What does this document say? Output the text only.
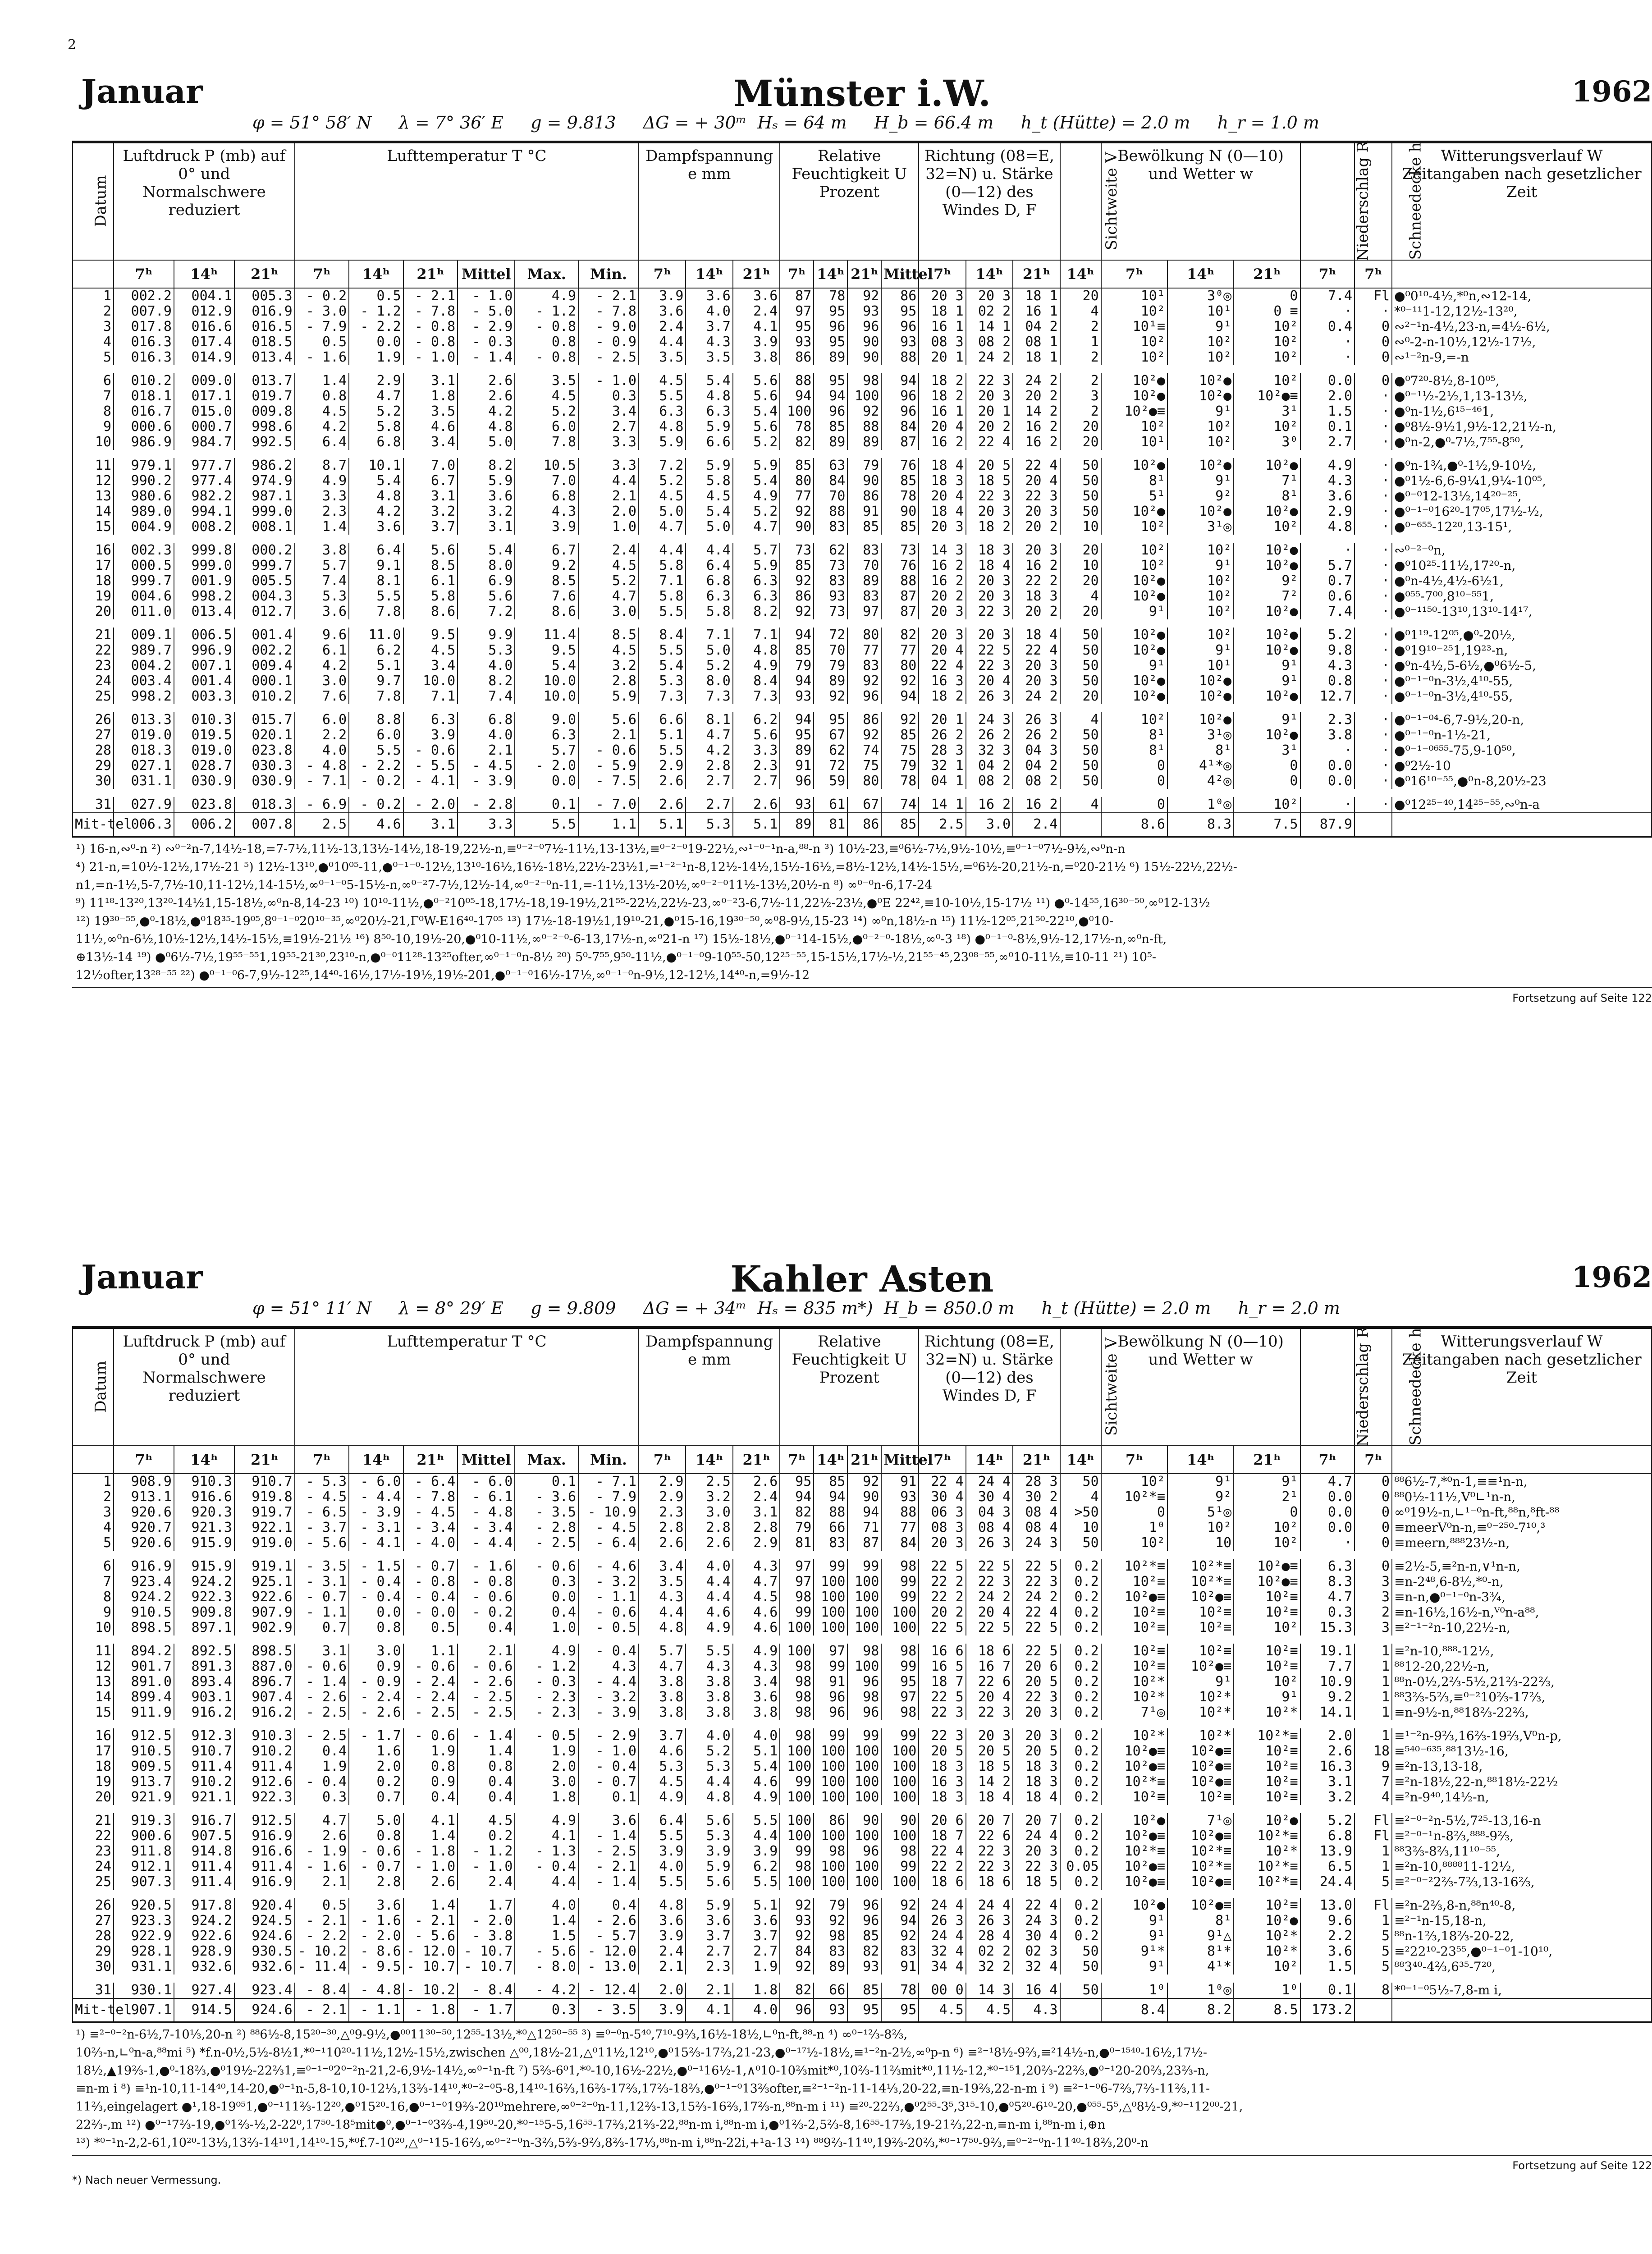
2
Januar	Münster i.W.	1962
φ = 51° 58′ N     λ = 7° 36′ E     g = 9.813     ΔG = + 30ᵐ  Hₛ = 64 m     H_b = 66.4 m     h_t (Hütte) = 2.0 m     h_r = 1.0 m
Datum	Luftdruck P (mb) auf 0° und Normalschwere reduziert			Lufttemperatur T °C						Dampfspannung e mm			Relative Feuchtigkeit U Prozent				Richtung (08=E, 32=N) u. Stärke (0—12) des Windes D, F			Sichtweite V	Bewölkung N (0—10) und Wetter w			Niederschlag R	Schneedecke h	Witterungsverlauf W Zeitangaben nach gesetzlicher Zeit
	7ʰ	14ʰ	21ʰ	7ʰ	14ʰ	21ʰ	Mittel	Max.	Min.	7ʰ	14ʰ	21ʰ	7ʰ	14ʰ	21ʰ	Mittel	7ʰ	14ʰ	21ʰ	14ʰ	7ʰ	14ʰ	21ʰ	7ʰ	7ʰ	
1	002.2	004.1	005.3	- 0.2	0.5	- 2.1	- 1.0	4.9	- 2.1	3.9	3.6	3.6	87	78	92	86	20 3	20 3	18 1	20	10¹	3⁰◎	0	7.4	Fl	●⁰0¹⁰-4½,*⁰n,∾12-14,
2	007.9	012.9	016.9	- 3.0	- 1.2	- 7.8	- 5.0	- 1.2	- 7.8	3.6	4.0	2.4	97	95	93	95	18 1	02 2	16 1	4	10²	10¹	0 ≡	·	·	*⁰⁻¹¹1-12,12½-13²⁰,
3	017.8	016.6	016.5	- 7.9	- 2.2	- 0.8	- 2.9	- 0.8	- 9.0	2.4	3.7	4.1	95	96	96	96	16 1	14 1	04 2	2	10¹≡	9¹	10²	0.4	0	∾²⁻¹n-4½,23-n,=4½-6½,
4	016.3	017.4	018.5	0.5	0.0	- 0.8	- 0.3	0.8	- 0.9	4.4	4.3	3.9	93	95	90	93	08 3	08 2	08 1	1	10²	10²	10²	·	0	∾⁰-2-n-10½,12½-17½,
5	016.3	014.9	013.4	- 1.6	1.9	- 1.0	- 1.4	- 0.8	- 2.5	3.5	3.5	3.8	86	89	90	88	20 1	24 2	18 1	2	10²	10²	10²	·	0	∾¹⁻²n-9,=-n

6	010.2	009.0	013.7	1.4	2.9	3.1	2.6	3.5	- 1.0	4.5	5.4	5.6	88	95	98	94	18 2	22 3	24 2	2	10²●	10²●	10²	0.0	0	●⁰7²⁰-8½,8-10⁰⁵,
7	018.1	017.1	019.7	0.8	4.7	1.8	2.6	4.5	0.3	5.5	4.8	5.6	94	94	100	96	18 2	20 3	20 2	3	10²●	10²●	10²●≡	2.0	·	●⁰⁻¹½-2½,1,13-13½,
8	016.7	015.0	009.8	4.5	5.2	3.5	4.2	5.2	3.4	6.3	6.3	5.4	100	96	92	96	16 1	20 1	14 2	2	10²●≡	9¹	3¹	1.5	·	●⁰n-1½,6¹⁵⁻⁴⁶1,
9	000.6	000.7	998.6	4.2	5.8	4.6	4.8	6.0	2.7	4.8	5.9	5.6	78	85	88	84	20 4	20 2	16 2	20	10²	10²	10²	0.1	·	●⁰8½-9½1,9½-12,21½-n,
10	986.9	984.7	992.5	6.4	6.8	3.4	5.0	7.8	3.3	5.9	6.6	5.2	82	89	89	87	16 2	22 4	16 2	20	10¹	10²	3⁰	2.7	·	●⁰n-2,●⁰-7½,7⁵⁵-8⁵⁰,

11	979.1	977.7	986.2	8.7	10.1	7.0	8.2	10.5	3.3	7.2	5.9	5.9	85	63	79	76	18 4	20 5	22 4	50	10²●	10²●	10²●	4.9	·	●⁰n-1¾,●⁰-1½,9-10½,
12	990.2	977.4	974.9	4.9	5.4	6.7	5.9	7.0	4.4	5.2	5.8	5.4	80	84	90	85	18 3	18 5	20 4	50	8¹	9¹	7¹	4.3	·	●⁰1½-6,6-9¼1,9¼-10⁰⁵,
13	980.6	982.2	987.1	3.3	4.8	3.1	3.6	6.8	2.1	4.5	4.5	4.9	77	70	86	78	20 4	22 3	22 3	50	5¹	9²	8¹	3.6	·	●⁰⁻⁰12-13½,14²⁰⁻²⁵,
14	989.0	994.1	999.0	2.3	4.2	3.2	3.2	4.3	2.0	5.0	5.4	5.2	92	88	91	90	18 4	20 3	20 3	50	10²●	10²●	10²●	2.9	·	●⁰⁻¹⁻⁰16²⁰-17⁰⁵,17½-½,
15	004.9	008.2	008.1	1.4	3.6	3.7	3.1	3.9	1.0	4.7	5.0	4.7	90	83	85	85	20 3	18 2	20 2	10	10²	3¹◎	10²	4.8	·	●⁰⁻⁶⁵⁵-12²⁰,13-15¹,

16	002.3	999.8	000.2	3.8	6.4	5.6	5.4	6.7	2.4	4.4	4.4	5.7	73	62	83	73	14 3	18 3	20 3	20	10²	10²	10²●	·	·	∾⁰⁻²⁻⁰n,
17	000.5	999.0	999.7	5.7	9.1	8.5	8.0	9.2	4.5	5.8	6.4	5.9	85	73	70	76	16 2	18 4	16 2	10	10²	9¹	10²●	5.7	·	●⁰10²⁵-11½,17²⁰-n,
18	999.7	001.9	005.5	7.4	8.1	6.1	6.9	8.5	5.2	7.1	6.8	6.3	92	83	89	88	16 2	20 3	22 2	20	10²●	10²	9²	0.7	·	●⁰n-4½,4½-6½1,
19	004.6	998.2	004.3	5.3	5.5	5.8	5.6	7.6	4.7	5.8	6.3	6.3	86	93	83	87	20 2	20 3	18 3	4	10²●	10²	7²	0.6	·	●⁰⁵⁵-7⁰⁰,8¹⁰⁻⁵⁵1,
20	011.0	013.4	012.7	3.6	7.8	8.6	7.2	8.6	3.0	5.5	5.8	8.2	92	73	97	87	20 3	22 3	20 2	20	9¹	10²	10²●	7.4	·	●⁰⁻¹¹⁵⁰-13¹⁰,13¹⁰-14¹⁷,

21	009.1	006.5	001.4	9.6	11.0	9.5	9.9	11.4	8.5	8.4	7.1	7.1	94	72	80	82	20 3	20 3	18 4	50	10²●	10²	10²●	5.2	·	●⁰1¹⁹-12⁰⁵,●⁰-20½,
22	989.7	996.9	002.2	6.1	6.2	4.5	5.3	9.5	4.5	5.5	5.0	4.8	85	70	77	77	20 4	22 5	22 4	50	10²●	9¹	10²●	9.8	·	●⁰19¹⁰⁻²⁵1,19²³-n,
23	004.2	007.1	009.4	4.2	5.1	3.4	4.0	5.4	3.2	5.4	5.2	4.9	79	79	83	80	22 4	22 3	20 3	50	9¹	10¹	9¹	4.3	·	●⁰n-4½,5-6½,●⁰6½-5,
24	003.4	001.4	000.1	3.0	9.7	10.0	8.2	10.0	2.8	5.3	8.0	8.4	94	89	92	92	16 3	20 4	20 3	50	10²●	10²●	9¹	0.8	·	●⁰⁻¹⁻⁰n-3½,4¹⁰-55,
25	998.2	003.3	010.2	7.6	7.8	7.1	7.4	10.0	5.9	7.3	7.3	7.3	93	92	96	94	18 2	26 3	24 2	20	10²●	10²●	10²●	12.7	·	●⁰⁻¹⁻⁰n-3½,4¹⁰-55,

26	013.3	010.3	015.7	6.0	8.8	6.3	6.8	9.0	5.6	6.6	8.1	6.2	94	95	86	92	20 1	24 3	26 3	4	10²	10²●	9¹	2.3	·	●⁰⁻¹⁻⁰⁴-6,7-9½,20-n,
27	019.0	019.5	020.1	2.2	6.0	3.9	4.0	6.3	2.1	5.1	4.7	5.6	95	67	92	85	26 2	26 2	26 2	50	8¹	3¹◎	10²●	3.8	·	●⁰⁻¹⁻⁰n-1½-21,
28	018.3	019.0	023.8	4.0	5.5	- 0.6	2.1	5.7	- 0.6	5.5	4.2	3.3	89	62	74	75	28 3	32 3	04 3	50	8¹	8¹	3¹	·	·	●⁰⁻¹⁻⁰⁶⁵⁵-75,9-10⁵⁰,
29	027.1	028.7	030.3	- 4.8	- 2.2	- 5.5	- 4.5	- 2.0	- 5.9	2.9	2.8	2.3	91	72	75	79	32 1	04 2	04 2	50	0	4¹*◎	0	0.0	·	●⁰2½-10
30	031.1	030.9	030.9	- 7.1	- 0.2	- 4.1	- 3.9	0.0	- 7.5	2.6	2.7	2.7	96	59	80	78	04 1	08 2	08 2	50	0	4²◎	0	0.0	·	●⁰16¹⁰⁻⁵⁵,●⁰n-8,20½-23

31	027.9	023.8	018.3	- 6.9	- 0.2	- 2.0	- 2.8	0.1	- 7.0	2.6	2.7	2.6	93	61	67	74	14 1	16 2	16 2	4	0	1⁰◎	10²	·	·	●⁰12²⁵⁻⁴⁰,14²⁵⁻⁵⁵,∾⁰n-a
Mit-tel	006.3	006.2	007.8	2.5	4.6	3.1	3.3	5.5	1.1	5.1	5.3	5.1	89	81	86	85	2.5	3.0	2.4		8.6	8.3	7.5	87.9		
¹) 16-n,∾⁰-n ²) ∾⁰⁻²n-7,14½-18,=7-7½,11½-13,13½-14½,18-19,22½-n,≡⁰⁻²⁻⁰7½-11½,13-13½,≡⁰⁻²⁻⁰19-22½,∾¹⁻⁰⁻¹n-a,⁸⁸-n ³) 10½-23,≡⁰6½-7½,9½-10½,≡⁰⁻¹⁻⁰7½-9½,∾⁰n-n
⁴) 21-n,=10½-12½,17½-21 ⁵) 12½-13¹⁰,●⁰10⁰⁵-11,●⁰⁻¹⁻⁰-12½,13¹⁰-16½,16½-18½,22½-23½1,=¹⁻²⁻¹n-8,12½-14½,15½-16½,=8½-12½,14½-15½,=⁰6½-20,21½-n,=⁰20-21½ ⁶) 15½-22½,22½-
n1,=n-1½,5-7,7½-10,11-12½,14-15½,∞⁰⁻¹⁻⁰5-15½-n,∞⁰⁻²7-7½,12½-14,∞⁰⁻²⁻⁰n-11,=-11½,13½-20½,∞⁰⁻²⁻⁰11½-13½,20½-n ⁸) ∞⁰⁻⁰n-6,17-24
⁹) 11¹⁸-13²⁰,13²⁰-14½1,15-18½,∞⁰n-8,14-23 ¹⁰) 10¹⁰-11½,●⁰⁻²10⁰⁵-18,17½-18,19-19½,21⁵⁵-22½,22½-23,∞⁰⁻²3-6,7½-11,22½-23½,●⁰E 22⁴²,≡10-10½,15-17½ ¹¹) ●⁰-14⁵⁵,16³⁰⁻⁵⁰,∞⁰12-13½
¹²) 19³⁰⁻⁵⁵,●⁰-18½,●⁰18³⁵-19⁰⁵,8⁰⁻¹⁻⁰20¹⁰⁻³⁵,∞⁰20½-21,Γ⁰W-E16⁴⁰-17⁰⁵ ¹³) 17½-18-19½1,19¹⁰-21,●⁰15-16,19³⁰⁻⁵⁰,∞⁰8-9½,15-23 ¹⁴) ∞⁰n,18½-n ¹⁵) 11½-12⁰⁵,21⁵⁰-22¹⁰,●⁰10-
11½,∞⁰n-6½,10½-12½,14½-15½,≡19½-21½ ¹⁶) 8⁵⁰-10,19½-20,●⁰10-11½,∞⁰⁻²⁻⁰-6-13,17½-n,∞⁰21-n ¹⁷) 15½-18½,●⁰⁻¹14-15½,●⁰⁻²⁻⁰-18½,∞⁰-3 ¹⁸) ●⁰⁻¹⁻⁰-8½,9½-12,17½-n,∞⁰n-ft,
⊕13½-14 ¹⁹) ●⁰6½-7½,19⁵⁵⁻⁵⁵1,19⁵⁵-21³⁰,23¹⁰-n,●⁰⁻⁰11²⁸-13²⁵ofter,∞⁰⁻¹⁻⁰n-8½ ²⁰) 5⁰-7⁵⁵,9⁵⁰-11½,●⁰⁻¹⁻⁰9-10⁵⁵-50,12²⁵⁻⁵⁵,15-15½,17½-½,21⁵⁵⁻⁴⁵,23⁰⁸⁻⁵⁵,∞⁰10-11½,≡10-11 ²¹) 10⁵-
12½ofter,13²⁸⁻⁵⁵ ²²) ●⁰⁻¹⁻⁰6-7,9½-12²⁵,14⁴⁰-16½,17½-19½,19½-201,●⁰⁻¹⁻⁰16½-17½,∞⁰⁻¹⁻⁰n-9½,12-12½,14⁴⁰-n,=9½-12
Fortsetzung auf Seite 122
Januar	Kahler Asten	1962
φ = 51° 11′ N     λ = 8° 29′ E     g = 9.809     ΔG = + 34ᵐ  Hₛ = 835 m*)  H_b = 850.0 m     h_t (Hütte) = 2.0 m     h_r = 2.0 m
Datum	Luftdruck P (mb) auf 0° und Normalschwere reduziert			Lufttemperatur T °C						Dampfspannung e mm			Relative Feuchtigkeit U Prozent				Richtung (08=E, 32=N) u. Stärke (0—12) des Windes D, F			Sichtweite V	Bewölkung N (0—10) und Wetter w			Niederschlag R	Schneedecke h	Witterungsverlauf W Zeitangaben nach gesetzlicher Zeit
	7ʰ	14ʰ	21ʰ	7ʰ	14ʰ	21ʰ	Mittel	Max.	Min.	7ʰ	14ʰ	21ʰ	7ʰ	14ʰ	21ʰ	Mittel	7ʰ	14ʰ	21ʰ	14ʰ	7ʰ	14ʰ	21ʰ	7ʰ	7ʰ	
1	908.9	910.3	910.7	- 5.3	- 6.0	- 6.4	- 6.0	0.1	- 7.1	2.9	2.5	2.6	95	85	92	91	22 4	24 4	28 3	50	10²	9¹	9¹	4.7	0	⁸⁸6½-7,*⁰n-1,≡≡¹n-n,
2	913.1	916.6	919.8	- 4.5	- 4.4	- 7.8	- 6.1	- 3.6	- 7.9	2.9	3.2	2.4	94	94	90	93	30 4	30 4	30 2	4	10²*≡	9²	2¹	0.0	0	⁸⁸0½-11½,V⁰∟¹n-n,
3	920.6	920.3	919.7	- 6.5	- 3.9	- 4.5	- 4.8	- 3.5	- 10.9	2.3	3.0	3.1	82	88	94	88	06 3	04 3	08 4	>50	0	5¹◎	0	0.0	0	∞⁰19½-n,∟¹⁻⁰n-ft,⁸⁸n,⁸ft-⁸⁸
4	920.7	921.3	922.1	- 3.7	- 3.1	- 3.4	- 3.4	- 2.8	- 4.5	2.8	2.8	2.8	79	66	71	77	08 3	08 4	08 4	10	1⁰	10²	10²	0.0	0	≡meerV⁰n-n,≡⁰⁻²⁵⁰-7¹⁰,³
5	920.6	915.9	919.0	- 5.6	- 4.1	- 4.0	- 4.4	- 2.5	- 6.4	2.6	2.6	2.9	81	83	87	84	20 3	26 3	24 3	50	10²	10	10²	·	0	≡meern,⁸⁸⁸23½-n,

6	916.9	915.9	919.1	- 3.5	- 1.5	- 0.7	- 1.6	- 0.6	- 4.6	3.4	4.0	4.3	97	99	99	98	22 5	22 5	22 5	0.2	10²*≡	10²*≡	10²●≡	6.3	0	≡2½-5,≡²n-n,∨¹n-n,
7	923.4	924.2	925.1	- 3.1	- 0.4	- 0.8	- 0.8	0.3	- 3.2	3.5	4.4	4.7	97	100	100	99	22 2	22 3	22 3	0.2	10²≡	10²*≡	10²●≡	8.3	3	≡n-2⁴⁸,6-8½,*⁰-n,
8	924.2	922.3	922.6	- 0.7	- 0.4	- 0.4	- 0.6	0.0	- 1.1	4.3	4.4	4.5	98	100	100	99	22 2	24 2	24 2	0.2	10²●≡	10²●≡	10²≡	4.7	3	≡n-n,●⁰⁻¹⁻⁰n-3¾,
9	910.5	909.8	907.9	- 1.1	0.0	- 0.0	- 0.2	0.4	- 0.6	4.4	4.6	4.6	99	100	100	100	20 2	20 4	22 4	0.2	10²≡	10²≡	10²≡	0.3	2	≡n-16½,16½-n,ⱽ⁰n-a⁸⁸,
10	898.5	897.1	902.9	0.7	0.8	0.5	0.4	1.0	- 0.5	4.8	4.9	4.6	100	100	100	100	22 5	22 5	22 5	0.2	10²≡	10²≡	10²	15.3	3	≡²⁻¹⁻²n-10,22½-n,

11	894.2	892.5	898.5	3.1	3.0	1.1	2.1	4.9	- 0.4	5.7	5.5	4.9	100	97	98	98	16 6	18 6	22 5	0.2	10²≡	10²≡	10²≡	19.1	1	≡²n-10,⁸⁸⁸-12½,
12	901.7	891.3	887.0	- 0.6	0.9	- 0.6	- 0.6	- 1.2	4.3	4.7	4.3	4.3	98	99	100	99	16 5	16 7	20 6	0.2	10²≡	10²●≡	10²≡	7.7	1	⁸⁸12-20,22½-n,
13	891.0	893.4	896.7	- 1.4	- 0.9	- 2.4	- 2.6	- 0.3	- 4.4	3.8	3.8	3.4	98	91	96	95	18 7	22 6	20 5	0.2	10²*	9¹	10²	10.9	1	⁸⁸n-0½,2⅔-5½,21⅔-22⅔,
14	899.4	903.1	907.4	- 2.6	- 2.4	- 2.4	- 2.5	- 2.3	- 3.2	3.8	3.8	3.6	98	96	98	97	22 5	20 4	22 3	0.2	10²*	10²*	9¹	9.2	1	⁸⁸3⅔-5⅔,≡⁰⁻²10⅔-17⅔,
15	911.9	916.2	916.2	- 2.5	- 2.6	- 2.5	- 2.5	- 2.3	- 3.9	3.8	3.8	3.8	98	96	96	98	22 3	22 3	20 3	0.2	7¹◎	10²*	10²*	14.1	1	≡n-9½-n,⁸⁸18⅔-22⅔,

16	912.5	912.3	910.3	- 2.5	- 1.7	- 0.6	- 1.4	- 0.5	- 2.9	3.7	4.0	4.0	98	99	99	99	22 3	20 3	20 3	0.2	10²*	10²*	10²*≡	2.0	1	≡¹⁻²n-9⅔,16⅔-19⅔,V⁰n-p,
17	910.5	910.7	910.2	0.4	1.6	1.9	1.4	1.9	- 1.0	4.6	5.2	5.1	100	100	100	100	20 5	20 5	20 5	0.2	10²●≡	10²●≡	10²≡	2.6	18	≡⁵⁴⁰⁻⁶³⁵,⁸⁸13½-16,
18	909.5	911.4	911.4	1.9	2.0	0.8	0.8	2.0	- 0.4	5.3	5.3	5.4	100	100	100	100	18 3	18 5	18 3	0.2	10²●≡	10²●≡	10²≡	16.3	9	≡²n-13,13-18,
19	913.7	910.2	912.6	- 0.4	0.2	0.9	0.4	3.0	- 0.7	4.5	4.4	4.6	99	100	100	100	16 3	14 2	18 3	0.2	10²*≡	10²●≡	10²≡	3.1	7	≡²n-18½,22-n,⁸⁸18½-22½
20	921.9	921.1	922.3	0.3	0.7	0.4	0.4	1.8	0.1	4.9	4.8	4.9	100	100	100	100	18 3	18 4	18 4	0.2	10²≡	10²≡	10²≡	3.2	4	≡²n-9⁴⁰,14½-n,

21	919.3	916.7	912.5	4.7	5.0	4.1	4.5	4.9	3.6	6.4	5.6	5.5	100	86	90	90	20 6	20 7	20 7	0.2	10²●	7¹◎	10²●	5.2	Fl	≡²⁻⁰⁻²n-5½,7²⁵-13,16-n
22	900.6	907.5	916.9	2.6	0.8	1.4	0.2	4.1	- 1.4	5.5	5.3	4.4	100	100	100	100	18 7	22 6	24 4	0.2	10²●≡	10²●≡	10²*≡	6.8	Fl	≡²⁻⁰⁻¹n-8⅔,⁸⁸⁸-9⅔,
23	911.8	914.8	916.6	- 1.9	- 0.6	- 1.8	- 1.2	- 1.3	- 2.5	3.9	3.9	3.9	99	98	96	98	22 4	22 3	20 3	0.2	10²*≡	10²*≡	10²*	13.9	1	⁸⁸3⅔-8⅔,11¹⁰⁻⁵⁵,
24	912.1	911.4	911.4	- 1.6	- 0.7	- 1.0	- 1.0	- 0.4	- 2.1	4.0	5.9	6.2	98	100	100	99	22 2	22 3	22 3	0.05	10²●≡	10²*≡	10²*≡	6.5	1	≡²n-10,⁸⁸⁸⁸11-12½,
25	907.3	911.4	916.9	2.1	2.8	2.6	2.4	4.4	- 1.4	5.5	5.6	5.5	100	100	100	100	18 6	18 6	18 5	0.2	10²●≡	10²●≡	10²*≡	24.4	5	≡²⁻⁰⁻²2⅔-7⅔,13-16⅔,

26	920.5	917.8	920.4	0.5	3.6	1.4	1.7	4.0	0.4	4.8	5.9	5.1	92	79	96	92	24 4	24 4	22 4	0.2	10²●	10²●≡	10²≡	13.0	Fl	≡²n-2⅔,8-n,⁸⁸n⁴⁰-8,
27	923.3	924.2	924.5	- 2.1	- 1.6	- 2.1	- 2.0	1.4	- 2.6	3.6	3.6	3.6	93	92	96	94	26 3	26 3	24 3	0.2	9¹	8¹	10²●	9.6	1	≡²⁻¹n-15,18-n,
28	922.9	922.6	924.6	- 2.2	- 2.0	- 5.6	- 3.8	1.5	- 5.7	3.9	3.7	3.7	92	98	85	92	24 4	28 4	30 4	0.2	9¹	9¹△	10²*	2.2	5	⁸⁸n-1⅔,18⅔-20-22,
29	928.1	928.9	930.5	- 10.2	- 8.6	- 12.0	- 10.7	- 5.6	- 12.0	2.4	2.7	2.7	84	83	82	83	32 4	02 2	02 3	50	9¹*	8¹*	10²*	3.6	5	≡²22¹⁰-23⁵⁵,●⁰⁻¹⁻⁰1-10¹⁰,
30	931.1	932.6	932.6	- 11.4	- 9.5	- 10.7	- 10.7	- 8.0	- 13.0	2.1	2.3	1.9	92	89	93	91	34 4	32 2	32 4	50	9¹	4¹*	10²	1.5	5	⁸⁸3⁴⁰-4⅔,6³⁵-7²⁰,

31	930.1	927.4	923.4	- 8.4	- 4.8	- 10.2	- 8.4	- 4.2	- 12.4	2.0	2.1	1.8	82	66	85	78	00 0	14 3	16 4	50	1⁰	1⁰◎	1⁰	0.1	8	*⁰⁻¹⁻⁰5½-7,8-m i,
Mit-tel	907.1	914.5	924.6	- 2.1	- 1.1	- 1.8	- 1.7	0.3	- 3.5	3.9	4.1	4.0	96	93	95	95	4.5	4.5	4.3		8.4	8.2	8.5	173.2		
¹) ≡²⁻⁰⁻²n-6½,7-10⅓,20-n ²) ⁸⁸6½-8,15²⁰⁻³⁰,△⁰9-9½,●⁰⁰11³⁰⁻⁵⁰,12⁵⁵-13½,*⁰△12⁵⁰⁻⁵⁵ ³) ≡⁰⁻⁰n-5⁴⁰,7¹⁰-9⅔,16½-18½,∟⁰n-ft,⁸⁸-n ⁴) ∞⁰⁻¹⅔-8⅔,
10⅔-n,∟⁰n-a,⁸⁸mi ⁵) *f.n-0½,5½-8½1,*⁰⁻¹10²⁰-11½,12½-15½,zwischen △⁰⁰,18½-21,△⁰11½,12¹⁰,●⁰15⅔-17⅔,21-23,●⁰⁻¹⁷½-18½,≡¹⁻²n-2½,∞⁰p-n ⁶) ≡²⁻¹8½-9⅔,≡²14½-n,●⁰⁻¹⁵⁴⁰-16½,17½-
18½,▲19⅔-1,●⁰-18⅔,●⁰19½-22⅔1,≡⁰⁻¹⁻⁰2⁰⁻²n-21,2-6,9½-14½,∞⁰⁻¹n-ft ⁷) 5⅔-6⁰1,*⁰-10,16½-22½,●⁰⁻¹16½-1,∧⁰10-10⅔mit*⁰,10⅔-11⅔mit*⁰,11½-12,*⁰⁻¹⁵1,20⅔-22⅔,●⁰⁻¹20-20⅔,23⅔-n,
≡n-m i ⁸) ≡¹n-10,11-14⁴⁰,14-20,●⁰⁻¹n-5,8-10,10-12⅓,13⅔-14¹⁰,*⁰⁻²⁻⁰5-8,14¹⁰-16⅔,16⅔-17⅔,17⅔-18⅔,●⁰⁻¹⁻⁰13⅔ofter,≡²⁻¹⁻²n-11-14⅓,20-22,≡n-19⅔,22-n-m i ⁹) ≡²⁻¹⁻⁰6-7⅔,7⅔-11⅔,11-
11⅔,eingelagert ●¹,18-19⁰⁵1,●⁰⁻¹11⅔-12²⁰,●⁰15²⁰-16,●⁰⁻¹⁻⁰19⅔-20¹⁰mehrere,∞⁰⁻²⁻⁰n-11,12⅔-13,15⅔-16⅔,17⅔-n,⁸⁸n-m i ¹¹) ≡²⁰-22⅔,●⁰2⁵⁵-3⁵,3¹⁵-10,●⁰5²⁰-6¹⁰-20,●⁰⁵⁵-5⁵,△⁰8½-9,*⁰⁻¹12⁰⁰-21,
22⅔-,m ¹²) ●⁰⁻¹7⅔-19,●⁰1⅔-½,2-22⁰,17⁵⁰-18⁵mit●⁰,●⁰⁻¹⁻⁰3⅔-4,19⁵⁰-20,*⁰⁻¹⁵5-5,16⁵⁵-17⅔,21⅔-22,⁸⁸n-m i,⁸⁸n-m i,●⁰1⅔-2,5⅔-8,16⁵⁵-17⅔,19-21⅔,22-n,≡n-m i,⁸⁸n-m i,⊕n
¹³) *⁰⁻¹n-2,2-61,10²⁰-13⅓,13⅔-14¹⁰1,14¹⁰-15,*⁰f.7-10²⁰,△⁰⁻¹15-16⅔,∞⁰⁻²⁻⁰n-3⅔,5⅔-9⅔,8⅔-17⅓,⁸⁸n-m i,⁸⁸n-22i,+¹a-13 ¹⁴) ⁸⁸9⅔-11⁴⁰,19⅔-20⅔,*⁰⁻¹7⁵⁰-9⅔,≡⁰⁻²⁻⁰n-11⁴⁰-18⅔,20⁰-n
Fortsetzung auf Seite 122
*) Nach neuer Vermessung.
